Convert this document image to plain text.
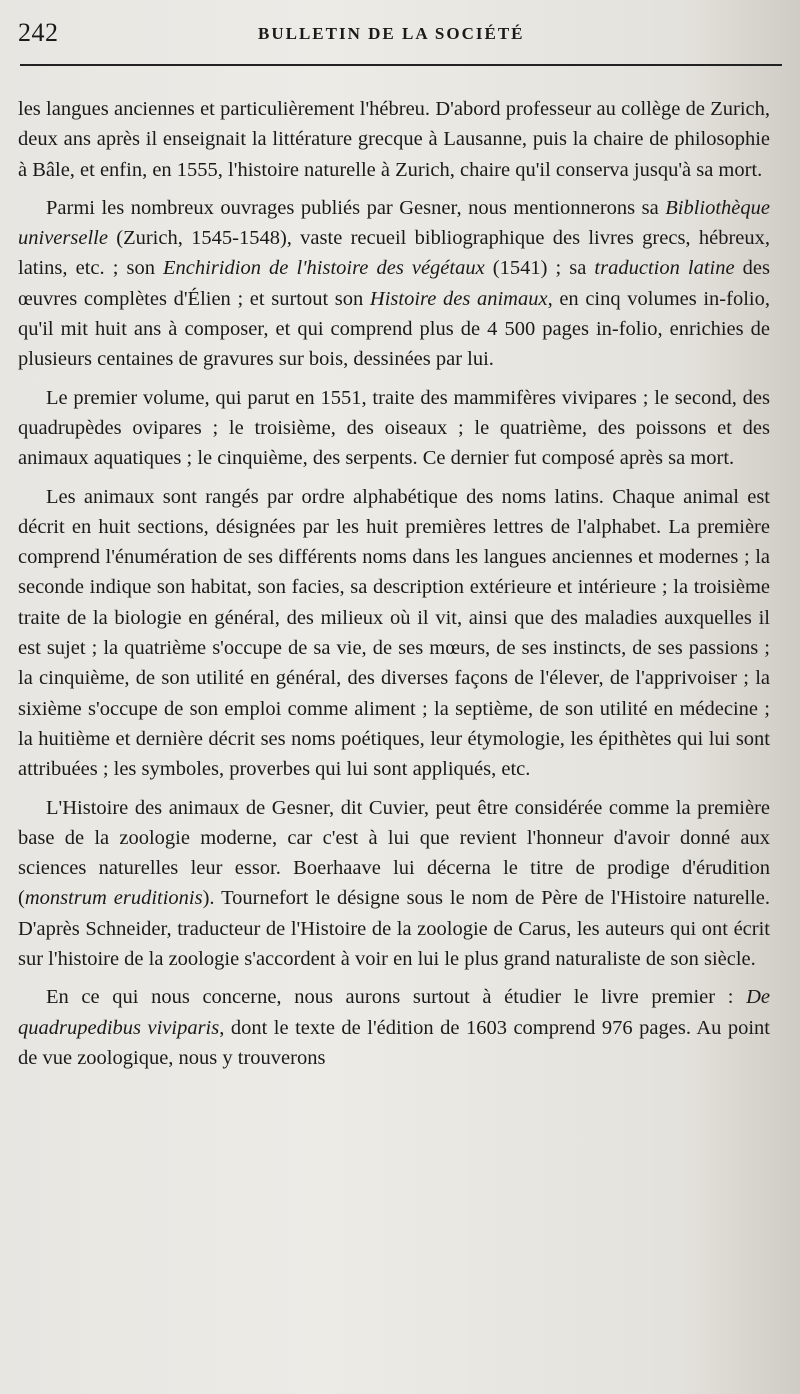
242	BULLETIN DE LA SOCIÉTÉ

les langues anciennes et particulièrement l'hébreu. D'abord professeur au collège de Zurich, deux ans après il enseignait la littérature grecque à Lausanne, puis la chaire de philosophie à Bâle, et enfin, en 1555, l'histoire naturelle à Zurich, chaire qu'il conserva jusqu'à sa mort.

Parmi les nombreux ouvrages publiés par Gesner, nous mentionnerons sa Bibliothèque universelle (Zurich, 1545-1548), vaste recueil bibliographique des livres grecs, hébreux, latins, etc. ; son Enchiridion de l'histoire des végétaux (1541) ; sa traduction latine des œuvres complètes d'Élien ; et surtout son Histoire des animaux, en cinq volumes in-folio, qu'il mit huit ans à composer, et qui comprend plus de 4 500 pages in-folio, enrichies de plusieurs centaines de gravures sur bois, dessinées par lui.

Le premier volume, qui parut en 1551, traite des mammifères vivipares ; le second, des quadrupèdes ovipares ; le troisième, des oiseaux ; le quatrième, des poissons et des animaux aquatiques ; le cinquième, des serpents. Ce dernier fut composé après sa mort.

Les animaux sont rangés par ordre alphabétique des noms latins. Chaque animal est décrit en huit sections, désignées par les huit premières lettres de l'alphabet. La première comprend l'énumération de ses différents noms dans les langues anciennes et modernes ; la seconde indique son habitat, son facies, sa description extérieure et intérieure ; la troisième traite de la biologie en général, des milieux où il vit, ainsi que des maladies auxquelles il est sujet ; la quatrième s'occupe de sa vie, de ses mœurs, de ses instincts, de ses passions ; la cinquième, de son utilité en général, des diverses façons de l'élever, de l'apprivoiser ; la sixième s'occupe de son emploi comme aliment ; la septième, de son utilité en médecine ; la huitième et dernière décrit ses noms poétiques, leur étymologie, les épithètes qui lui sont attribuées ; les symboles, proverbes qui lui sont appliqués, etc.

L'Histoire des animaux de Gesner, dit Cuvier, peut être considérée comme la première base de la zoologie moderne, car c'est à lui que revient l'honneur d'avoir donné aux sciences naturelles leur essor. Boerhaave lui décerna le titre de prodige d'érudition (monstrum eruditionis). Tournefort le désigne sous le nom de Père de l'Histoire naturelle. D'après Schneider, traducteur de l'Histoire de la zoologie de Carus, les auteurs qui ont écrit sur l'histoire de la zoologie s'accordent à voir en lui le plus grand naturaliste de son siècle.

En ce qui nous concerne, nous aurons surtout à étudier le livre premier : De quadrupedibus viviparis, dont le texte de l'édition de 1603 comprend 976 pages. Au point de vue zoologique, nous y trouverons
